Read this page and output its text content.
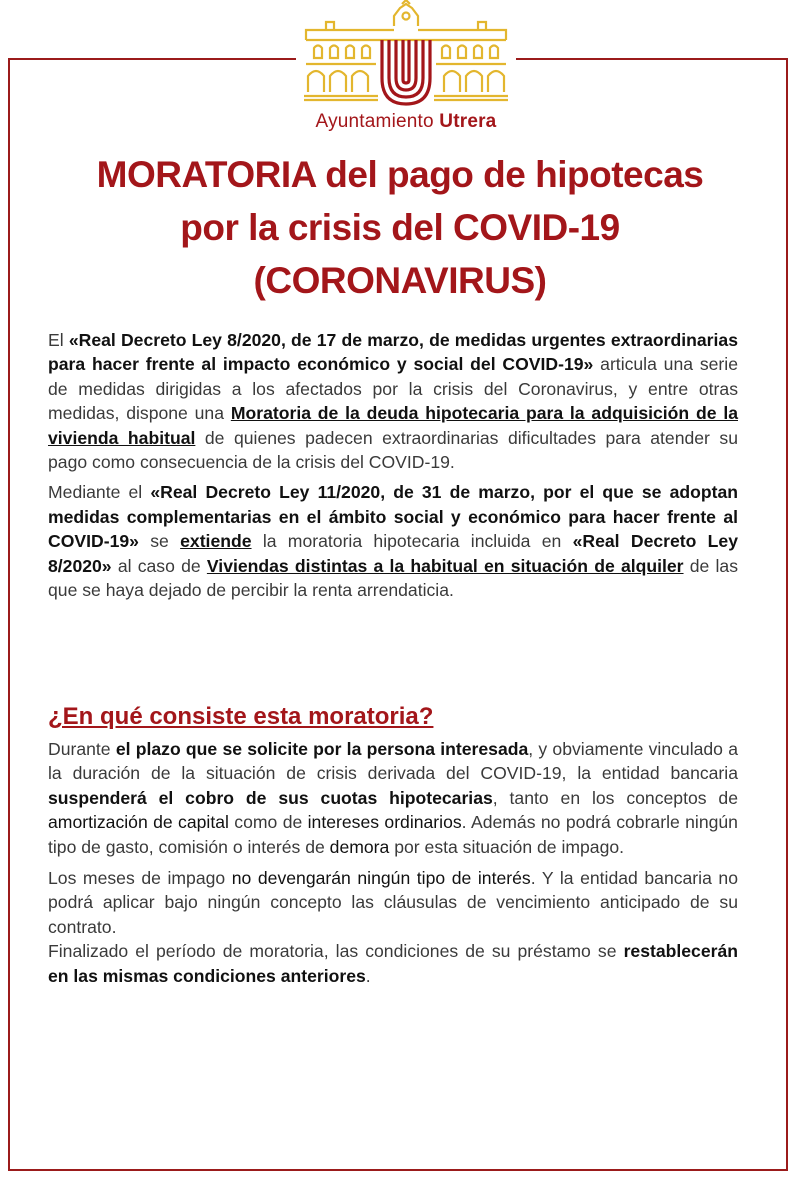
Ayuntamiento Utrera
MORATORIA del pago de hipotecas
por la crisis del COVID-19
(CORONAVIRUS)

El «Real Decreto Ley 8/2020, de 17 de marzo, de medidas urgentes extraordinarias para hacer frente al impacto económico y social del COVID-19» articula una serie de medidas dirigidas a los afectados por la crisis del Coronavirus, y entre otras medidas, dispone una Moratoria de la deuda hipotecaria para la adquisición de la vivienda habitual de quienes padecen extraordinarias dificultades para atender su pago como consecuencia de la crisis del COVID-19.

Mediante el «Real Decreto Ley 11/2020, de 31 de marzo, por el que se adoptan medidas complementarias en el ámbito social y económico para hacer frente al COVID-19» se extiende la moratoria hipotecaria incluida en «Real Decreto Ley 8/2020» al caso de Viviendas distintas a la habitual en situación de alquiler de las que se haya dejado de percibir la renta arrendaticia.

¿En qué consiste esta moratoria?

Durante el plazo que se solicite por la persona interesada, y obviamente vinculado a la duración de la situación de crisis derivada del COVID-19, la entidad bancaria suspenderá el cobro de sus cuotas hipotecarias, tanto en los conceptos de amortización de capital como de intereses ordinarios. Además no podrá cobrarle ningún tipo de gasto, comisión o interés de demora por esta situación de impago.

Los meses de impago no devengarán ningún tipo de interés. Y la entidad bancaria no podrá aplicar bajo ningún concepto las cláusulas de vencimiento anticipado de su contrato.

Finalizado el período de moratoria, las condiciones de su préstamo se restablecerán en las mismas condiciones anteriores.
